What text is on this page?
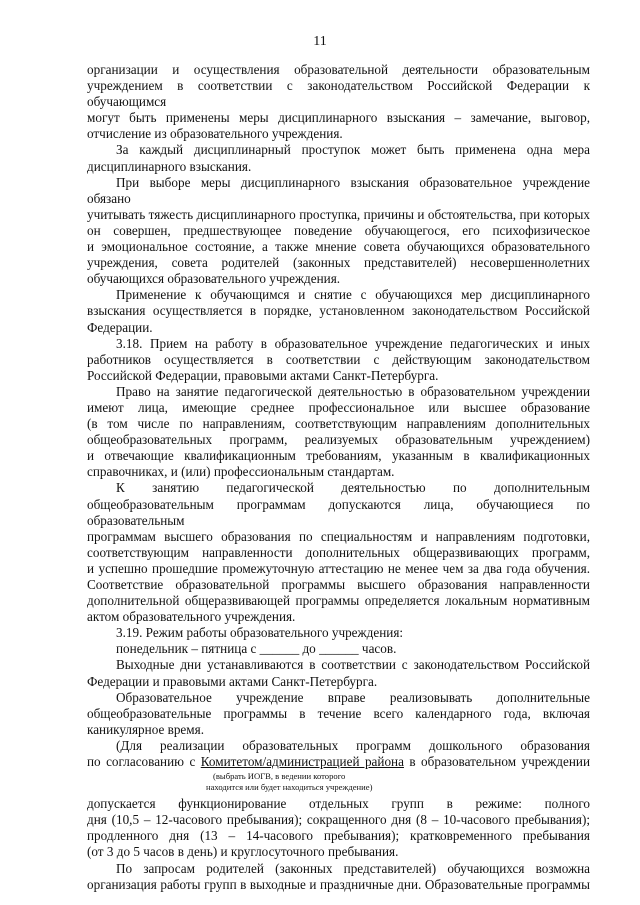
11

организации и осуществления образовательной деятельности образовательным

учреждением в соответствии с законодательством Российской Федерации к обучающимся

могут быть применены меры дисциплинарного взыскания – замечание, выговор,

отчисление из образовательного учреждения.

За каждый дисциплинарный проступок может быть применена одна мера

дисциплинарного взыскания.

При выборе меры дисциплинарного взыскания образовательное учреждение обязано

учитывать тяжесть дисциплинарного проступка, причины и обстоятельства, при которых

он совершен, предшествующее поведение обучающегося, его психофизическое

и эмоциональное состояние, а также мнение совета обучающихся образовательного

учреждения, совета родителей (законных представителей) несовершеннолетних

обучающихся образовательного учреждения.

Применение к обучающимся и снятие с обучающихся мер дисциплинарного

взыскания осуществляется в порядке, установленном законодательством Российской

Федерации.

3.18. Прием на работу в образовательное учреждение педагогических и иных

работников осуществляется в соответствии с действующим законодательством

Российской Федерации, правовыми актами Санкт-Петербурга.

Право на занятие педагогической деятельностью в образовательном учреждении

имеют лица, имеющие среднее профессиональное или высшее образование

(в том числе по направлениям, соответствующим направлениям дополнительных

общеобразовательных программ, реализуемых образовательным учреждением)

и отвечающие квалификационным требованиям, указанным в квалификационных

справочниках, и (или) профессиональным стандартам.

К занятию педагогической деятельностью по дополнительным

общеобразовательным программам допускаются лица, обучающиеся по образовательным

программам высшего образования по специальностям и направлениям подготовки,

соответствующим направленности дополнительных общеразвивающих программ,

и успешно прошедшие промежуточную аттестацию не менее чем за два года обучения.

Соответствие образовательной программы высшего образования направленности

дополнительной общеразвивающей программы определяется локальным нормативным

актом образовательного учреждения.

3.19. Режим работы образовательного учреждения:

понедельник – пятница с ______ до ______ часов.

Выходные дни устанавливаются в соответствии с законодательством Российской

Федерации и правовыми актами Санкт-Петербурга.

Образовательное учреждение вправе реализовывать дополнительные

общеобразовательные программы в течение всего календарного года, включая

каникулярное время.

(Для реализации образовательных программ дошкольного образования

по согласованию с Комитетом/администрацией района в образовательном учреждении

(выбрать ИОГВ, в ведении которого
находится или будет находиться учреждение)

допускается функционирование отдельных групп в режиме: полного

дня (10,5 – 12-часового пребывания); сокращенного дня (8 – 10-часового пребывания);

продленного дня (13 – 14-часового пребывания); кратковременного пребывания

(от 3 до 5 часов в день) и круглосуточного пребывания.

По запросам родителей (законных представителей) обучающихся возможна

организация работы групп в выходные и праздничные дни. Образовательные программы
